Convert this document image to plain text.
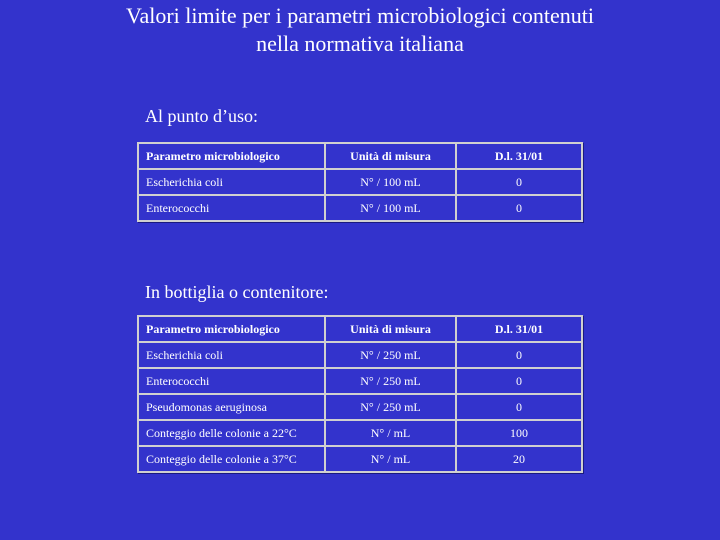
Valori limite per i parametri microbiologici contenuti
nella normativa italiana
Al punto d’uso:
Parametro microbiologico	Unità di misura	D.l. 31/01
Escherichia coli	N° / 100 mL	0
Enterococchi	N° / 100 mL	0
In bottiglia o contenitore:
Parametro microbiologico	Unità di misura	D.l. 31/01
Escherichia coli	N° / 250 mL	0
Enterococchi	N° / 250 mL	0
Pseudomonas aeruginosa	N° / 250 mL	0
Conteggio delle colonie a 22°C	N° / mL	100
Conteggio delle colonie a 37°C	N° / mL	20
